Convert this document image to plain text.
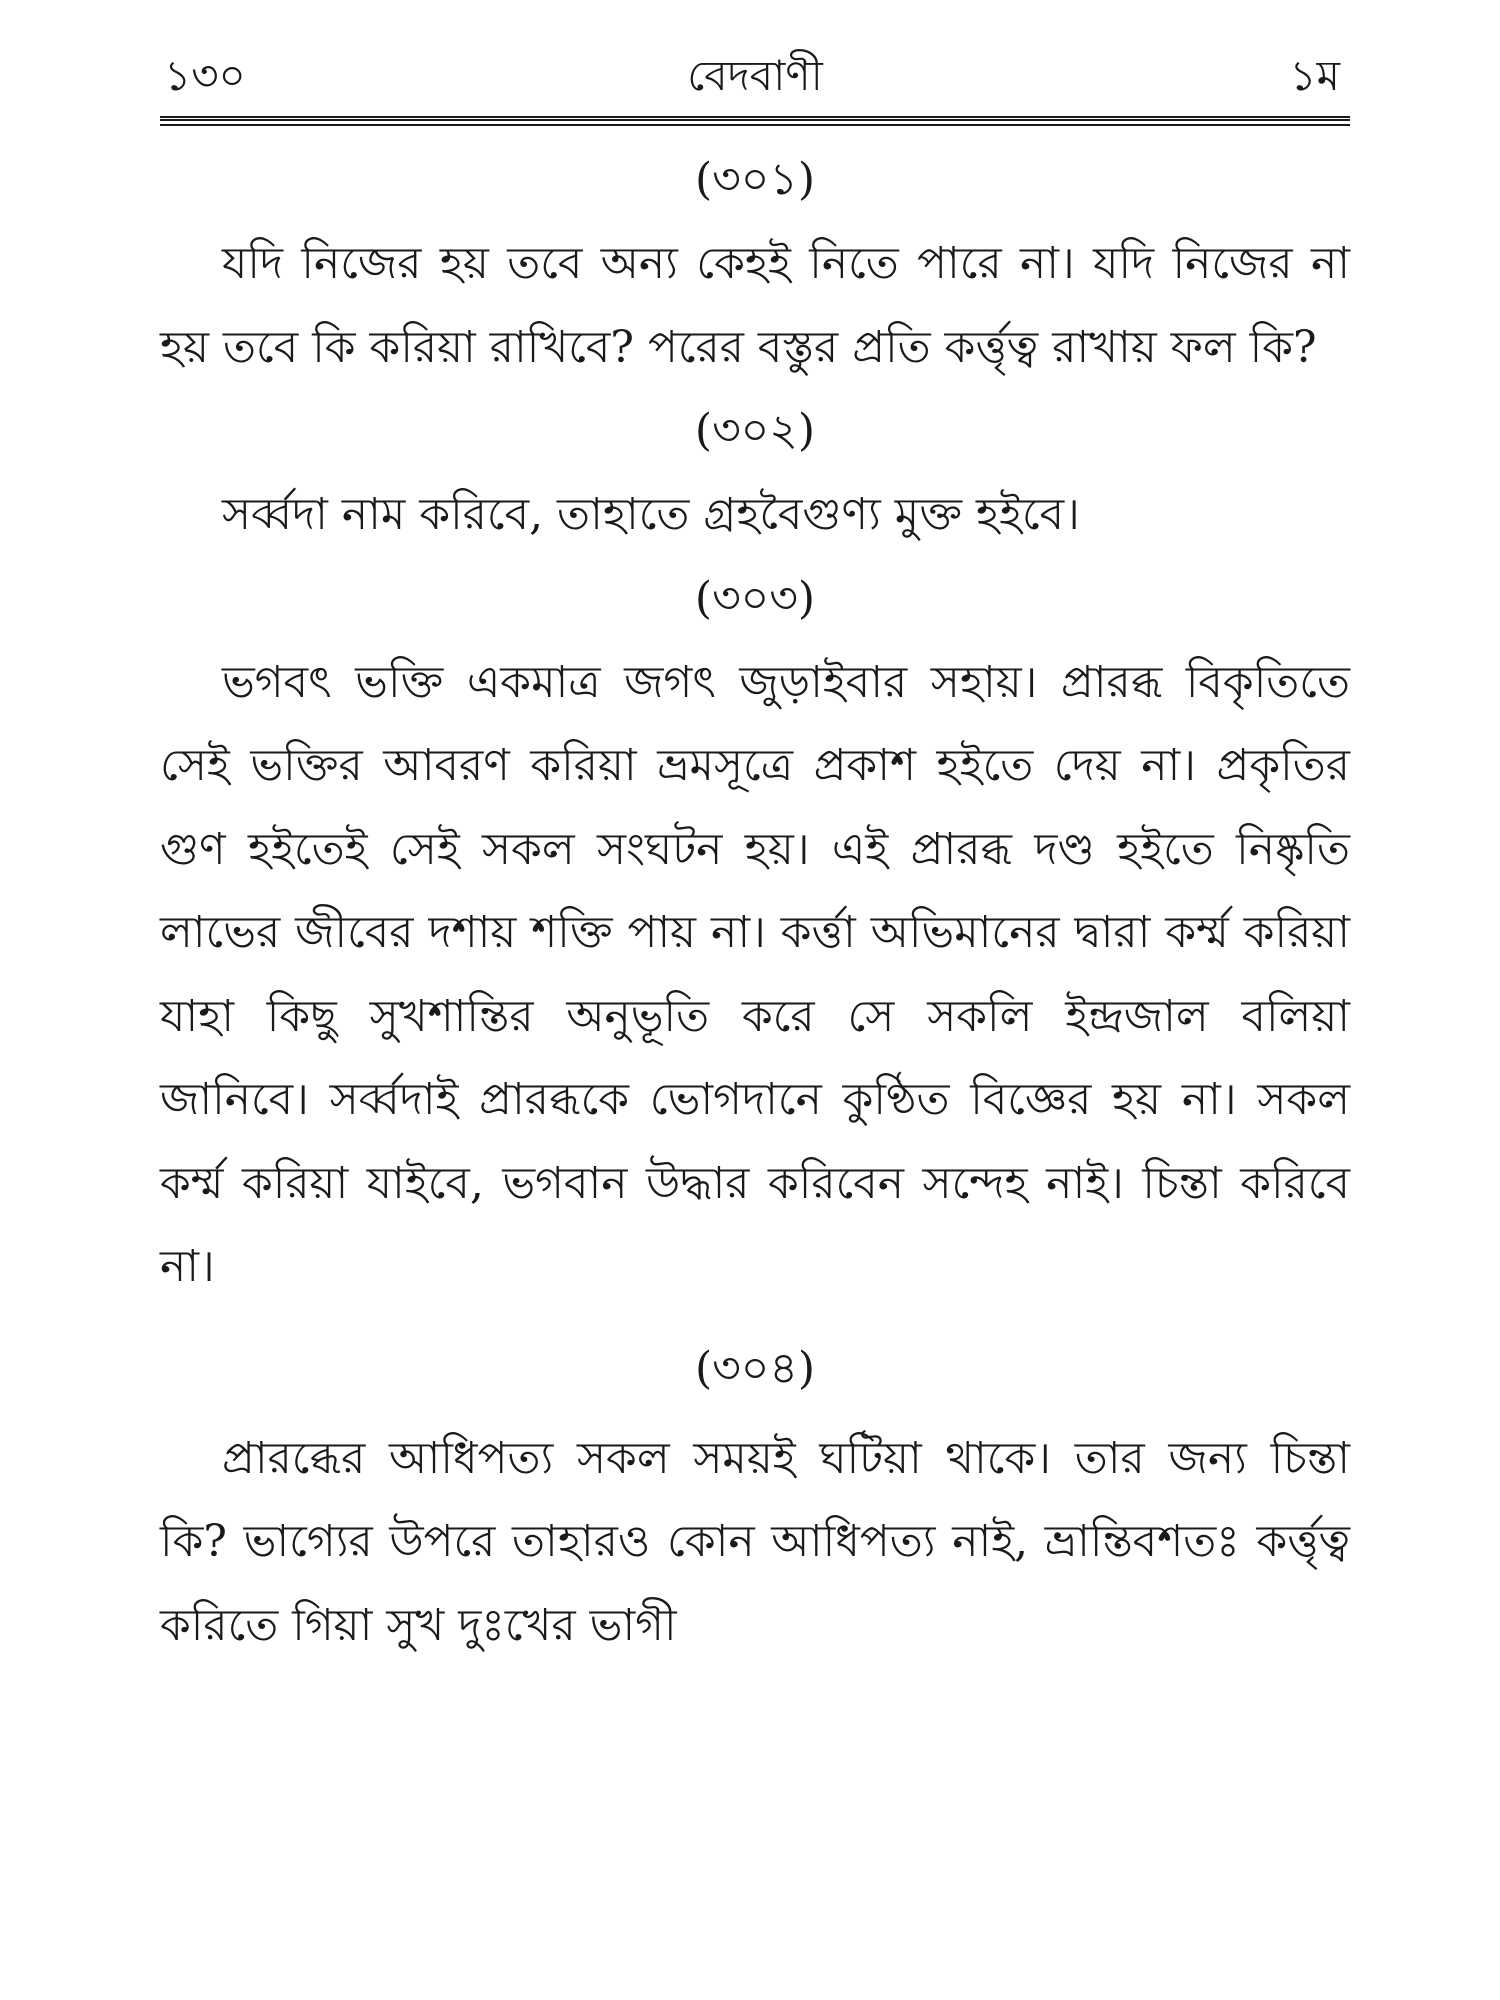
১৩০	বেদবাণী	১ম
(৩০১)

যদি নিজের হয় তবে অন্য কেহই নিতে পারে না। যদি নিজের না হয় তবে কি করিয়া রাখিবে? পরের বস্তুর প্রতি কর্ত্তৃত্ব রাখায় ফল কি?

(৩০২)

সর্ব্বদা নাম করিবে, তাহাতে গ্রহবৈগুণ্য মুক্ত হইবে।

(৩০৩)

ভগবৎ ভক্তি একমাত্র জগৎ জুড়াইবার সহায়। প্রারব্ধ বিকৃতিতে সেই ভক্তির আবরণ করিয়া ভ্রমসূত্রে প্রকাশ হইতে দেয় না। প্রকৃতির গুণ হইতেই সেই সকল সংঘটন হয়। এই প্রারব্ধ দণ্ড হইতে নিষ্কৃতি লাভের জীবের দশায় শক্তি পায় না। কর্ত্তা অভিমানের দ্বারা কর্ম্ম করিয়া যাহা কিছু সুখশান্তির অনুভূতি করে সে সকলি ইন্দ্রজাল বলিয়া জানিবে। সর্ব্বদাই প্রারব্ধকে ভোগদানে কুণ্ঠিত বিজ্ঞের হয় না। সকল কর্ম্ম করিয়া যাইবে, ভগবান উদ্ধার করিবেন সন্দেহ নাই। চিন্তা করিবে না।

(৩০৪)

প্রারব্ধের আধিপত্য সকল সময়ই ঘটিয়া থাকে। তার জন্য চিন্তা কি? ভাগ্যের উপরে তাহারও কোন আধিপত্য নাই, ভ্রান্তিবশতঃ কর্ত্তৃত্ব করিতে গিয়া সুখ দুঃখের ভাগী
